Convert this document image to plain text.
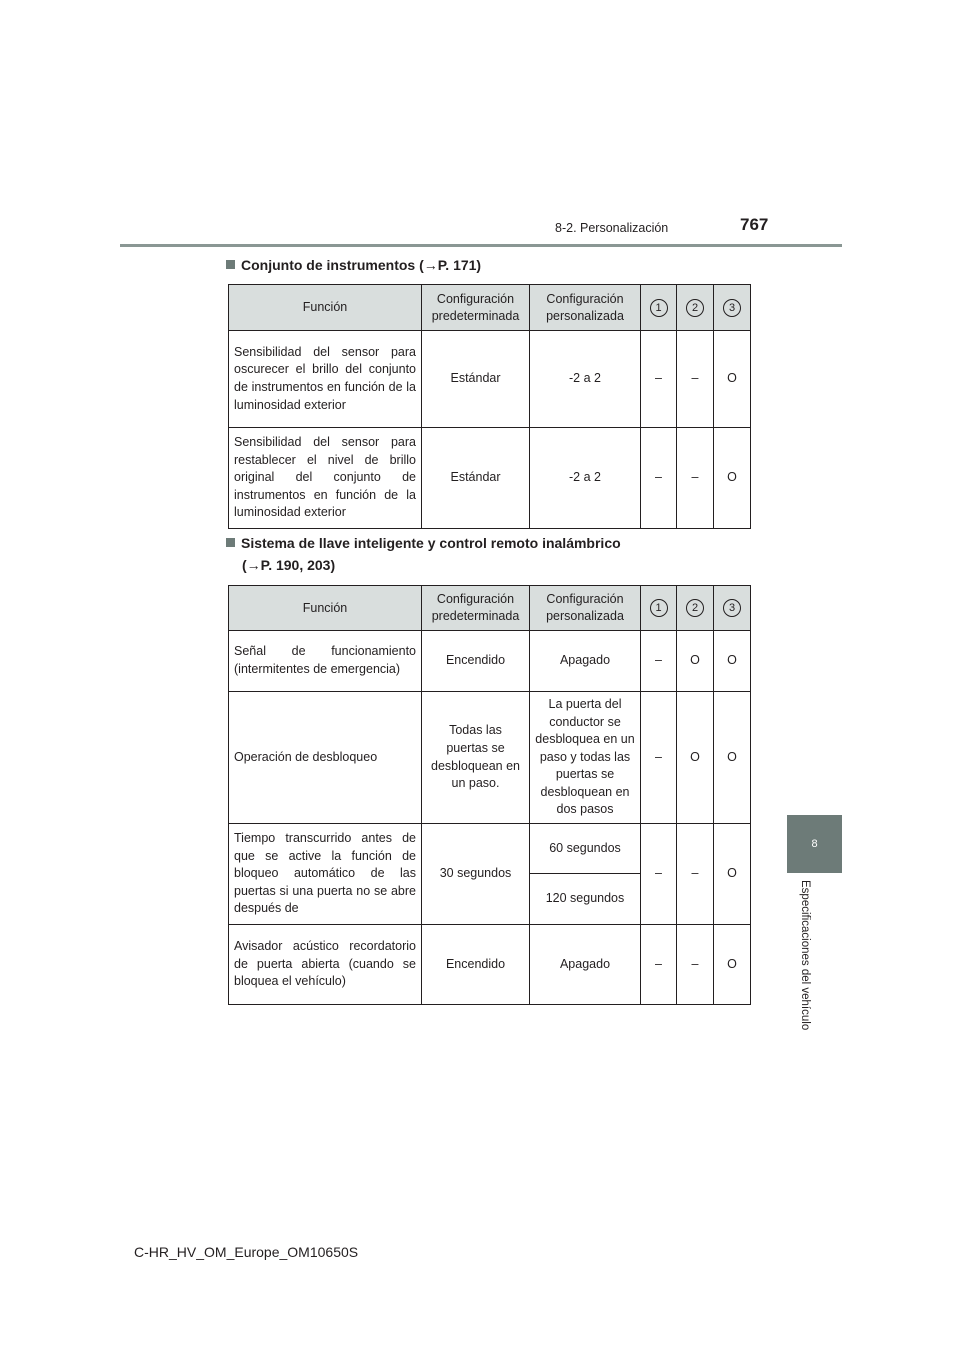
8-2. Personalización	767
8
Especificaciones del vehículo
Conjunto de instrumentos (→P. 171)
Función	Configuración predeterminada	Configuración personalizada	1	2	3
Sensibilidad del sensor para oscurecer el brillo del conjunto de instrumentos en función de la luminosidad exterior	Estándar	-2 a 2	–	–	O
Sensibilidad del sensor para restablecer el nivel de brillo original del conjunto de instrumentos en función de la luminosidad exterior	Estándar	-2 a 2	–	–	O
Sistema de llave inteligente y control remoto inalámbrico
(→P. 190, 203)
Función	Configuración predeterminada	Configuración personalizada	1	2	3
Señal de funcionamiento (intermitentes de emergencia)	Encendido	Apagado	–	O	O
Operación de desbloqueo	Todas las puertas se desbloquean en un paso.	La puerta del conductor se desbloquea en un paso y todas las puertas se desbloquean en dos pasos	–	O	O
Tiempo transcurrido antes de que se active la función de bloqueo automático de las puertas si una puerta no se abre después de	30 segundos	60 segundos	–	–	O
		120 segundos			
Avisador acústico recordatorio de puerta abierta (cuando se bloquea el vehículo)	Encendido	Apagado	–	–	O
C-HR_HV_OM_Europe_OM10650S
